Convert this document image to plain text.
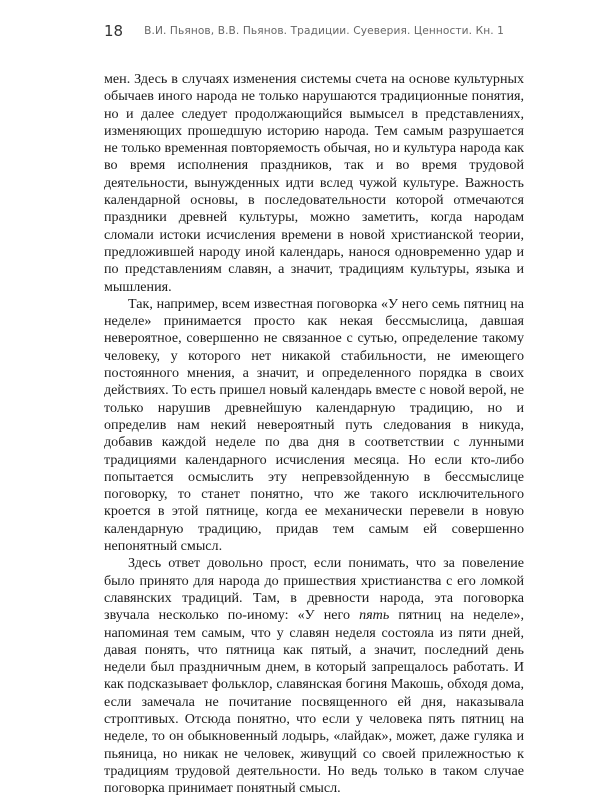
18 В.И. Пьянов, В.В. Пьянов. Традиции. Суеверия. Ценности. Кн. 1

мен. Здесь в случаях изменения системы счета на основе культурных обычаев иного народа не только нарушаются традиционные понятия, но и далее следует продолжающийся вымысел в представлениях, изменяющих прошедшую историю народа. Тем самым разрушается не только временная повторяемость обычая, но и культура народа как во время исполнения праздников, так и во время трудовой деятельности, вынужденных идти вслед чужой культуре. Важность календарной основы, в последовательности которой отмечаются праздники древней культуры, можно заметить, когда народам сломали истоки исчисления времени в новой христианской теории, предложившей народу иной календарь, нанося одновременно удар и по представлениям славян, а значит, традициям культуры, языка и мышления.

Так, например, всем известная поговорка «У него семь пятниц на неделе» принимается просто как некая бессмыслица, давшая невероятное, совершенно не связанное с сутью, определение такому человеку, у которого нет никакой стабильности, не имеющего постоянного мнения, а значит, и определенного порядка в своих действиях. То есть пришел новый календарь вместе с новой верой, не только нарушив древнейшую календарную традицию, но и определив нам некий невероятный путь следования в никуда, добавив каждой неделе по два дня в соответствии с лунными традициями календарного исчисления месяца. Но если кто-либо попытается осмыслить эту непревзойденную в бессмыслице поговорку, то станет понятно, что же такого исключительного кроется в этой пятнице, когда ее механически перевели в новую календарную традицию, придав тем самым ей совершенно непонятный смысл.

Здесь ответ довольно прост, если понимать, что за повеление было принято для народа до пришествия христианства с его ломкой славянских традиций. Там, в древности народа, эта поговорка звучала несколько по-иному: «У него пять пятниц на неделе», напоминая тем самым, что у славян неделя состояла из пяти дней, давая понять, что пятница как пятый, а значит, последний день недели был праздничным днем, в который запрещалось работать. И как подсказывает фольклор, славянская богиня Макошь, обходя дома, если замечала не почитание посвященного ей дня, наказывала строптивых. Отсюда понятно, что если у человека пять пятниц на неделе, то он обыкновенный лодырь, «лайдак», может, даже гуляка и пьяница, но никак не человек, живущий со своей прилежностью к традициям трудовой деятельности. Но ведь только в таком случае поговорка принимает понятный смысл.
